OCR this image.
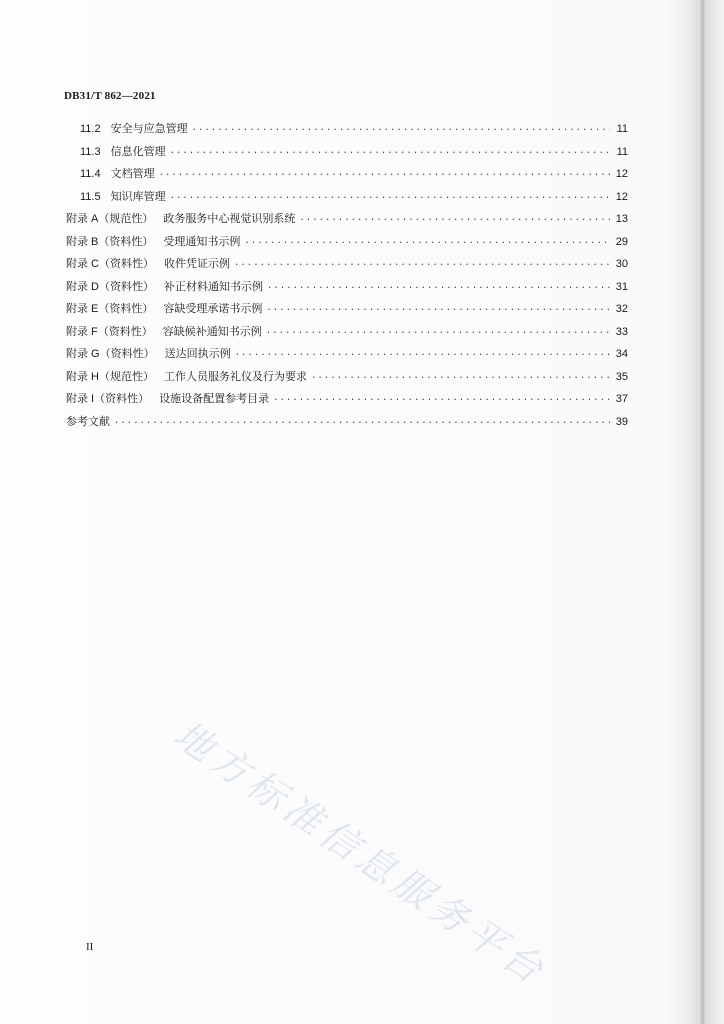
DB31/T 862—2021
11.2 安全与应急管理 ·····	11
11.3 信息化管理 ·····	11
11.4 文档管理 ·····	12
11.5 知识库管理 ·····	12
附录 A（规范性） 政务服务中心视觉识别系统 ·····	13
附录 B（资料性） 受理通知书示例 ·····	29
附录 C（资料性） 收件凭证示例 ·····	30
附录 D（资料性） 补正材料通知书示例 ·····	31
附录 E（资料性） 容缺受理承诺书示例 ·····	32
附录 F（资料性） 容缺候补通知书示例 ·····	33
附录 G（资料性） 送达回执示例 ·····	34
附录 H（规范性） 工作人员服务礼仪及行为要求 ·····	35
附录 I（资料性） 设施设备配置参考目录 ·····	37
参考文献 ·····	39
地方标准信息服务平台
II
